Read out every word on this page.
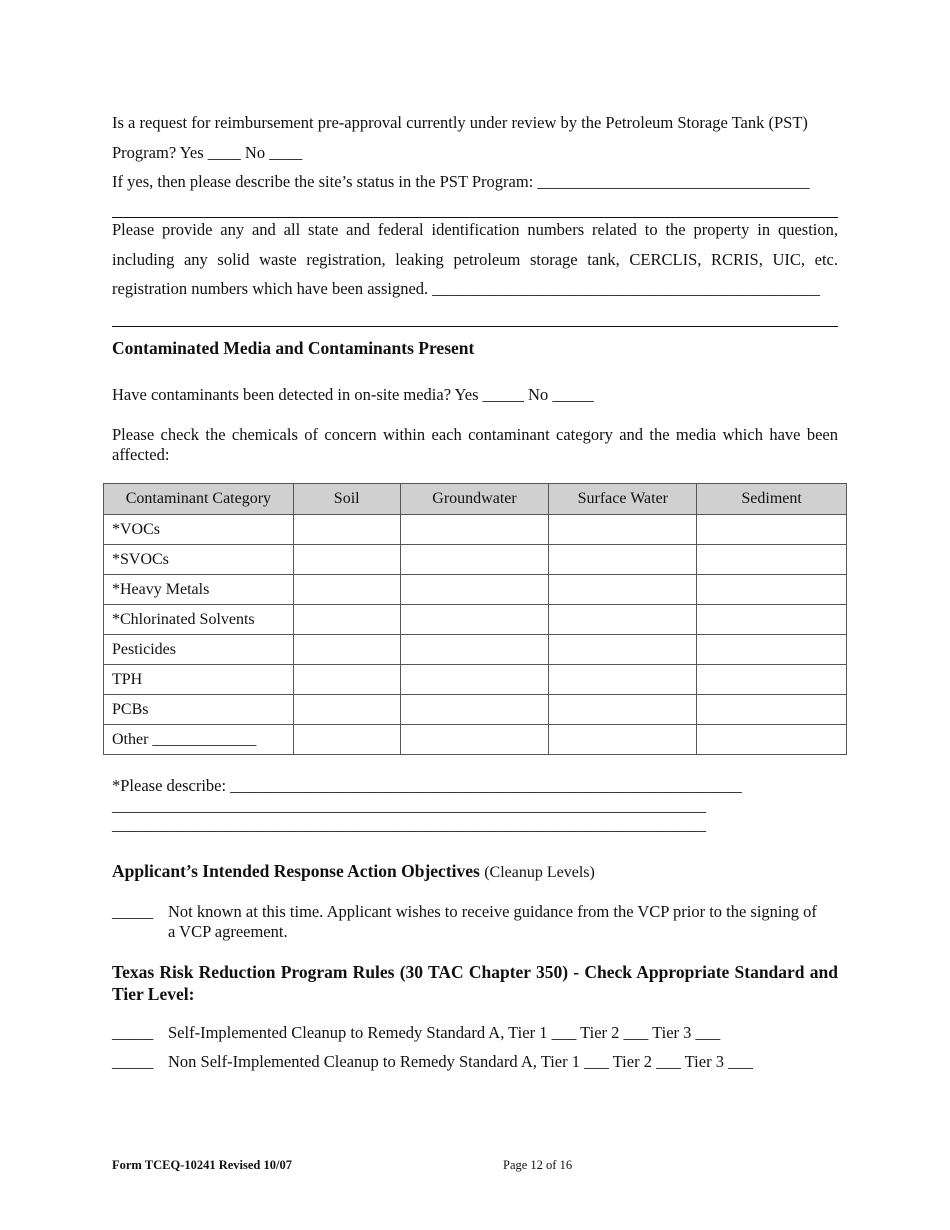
Is a request for reimbursement pre-approval currently under review by the Petroleum Storage Tank (PST)
Program? Yes ____ No ____
If yes, then please describe the site’s status in the PST Program: _________________________________
Please provide any and all state and federal identification numbers related to the property in question, including any solid waste registration, leaking petroleum storage tank, CERCLIS, RCRIS, UIC, etc. registration numbers which have been assigned. _______________________________________________
Contaminated Media and Contaminants Present
Have contaminants been detected in on-site media? Yes _____ No _____
Please check the chemicals of concern within each contaminant category and the media which have been affected:
Contaminant Category	Soil	Groundwater	Surface Water	Sediment
*VOCs				
*SVOCs				
*Heavy Metals				
*Chlorinated Solvents				
Pesticides				
TPH				
PCBs				
Other _____________				
*Please describe: ______________________________________________________________
________________________________________________________________________
________________________________________________________________________
Applicant’s Intended Response Action Objectives (Cleanup Levels)
_____ Not known at this time. Applicant wishes to receive guidance from the VCP prior to the signing of a VCP agreement.
Texas Risk Reduction Program Rules (30 TAC Chapter 350) - Check Appropriate Standard and Tier Level:
_____ Self-Implemented Cleanup to Remedy Standard A, Tier 1 ___ Tier 2 ___ Tier 3 ___
_____ Non Self-Implemented Cleanup to Remedy Standard A, Tier 1 ___ Tier 2 ___ Tier 3 ___
Form TCEQ-10241 Revised 10/07	Page 12 of 16
